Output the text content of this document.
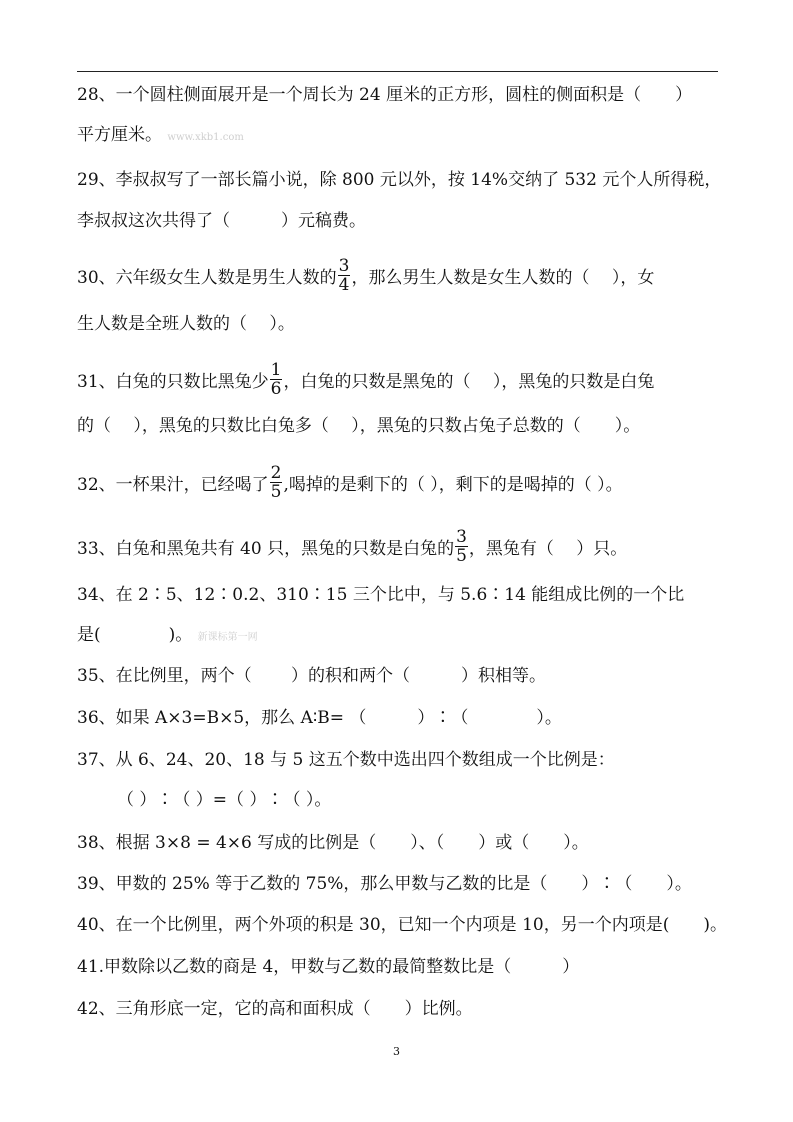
28、一个圆柱侧面展开是一个周长为 24 厘米的正方形，圆柱的侧面积是（　　）
平方厘米。 www.xkb1.com
29、李叔叔写了一部长篇小说，除 800 元以外，按 14%交纳了 532 元个人所得税，
李叔叔这次共得了（　　　）元稿费。
30、六年级女生人数是男生人数的 $\frac{3}{4}$ ，那么男生人数是女生人数的（　 ），女
生人数是全班人数的（　 ）。
31、白兔的只数比黑兔少 $\frac{1}{6}$ ，白兔的只数是黑兔的（　 ），黑兔的只数是白兔
的（　 ），黑兔的只数比白兔多（　 ），黑兔的只数占兔子总数的（　　）。
32、一杯果汁，已经喝了 $\frac{2}{5}$ ,喝掉的是剩下的（ ），剩下的是喝掉的（ ）。
33、白兔和黑兔共有 40 只，黑兔的只数是白兔的 $\frac{3}{5}$ ，黑兔有（　 ）只。
34、在 2∶5、12∶0.2、310∶15 三个比中，与 5.6∶14 能组成比例的一个比
是(　　　　)。 新课标第一网
35、在比例里，两个（　　 ）的积和两个（　　　）积相等。
36、如果 A×3=B×5，那么 A∶B= （　　　）∶（　　　　）。
37、从 6、24、20、18 与 5 这五个数中选出四个数组成一个比例是：
（ ）∶（ ）=（ ）∶（ ）。
38、根据 3×8 = 4×6 写成的比例是（　　）、（　　）或（　　）。
39、甲数的 25% 等于乙数的 75%，那么甲数与乙数的比是（　　）∶（　　）。
40、在一个比例里，两个外项的积是 30，已知一个内项是 10，另一个内项是(　　)。
41.甲数除以乙数的商是 4，甲数与乙数的最简整数比是（　　　）
42、三角形底一定，它的高和面积成（　　）比例。
3
